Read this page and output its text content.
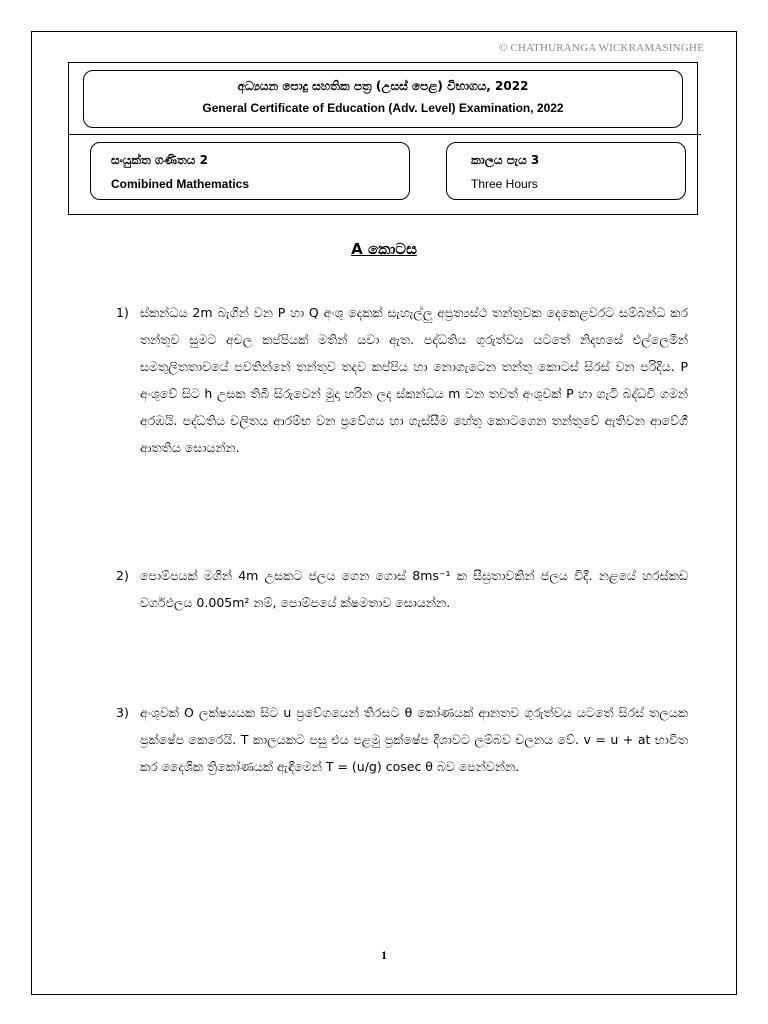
© CHATHURANGA WICKRAMASINGHE
අධ්‍යයන පොදු සහතික පත්‍ර (උසස් පෙළ) විභාගය, 2022
General Certificate of Education (Adv. Level) Examination, 2022
සංයුක්ත ගණිතය 2
Comibined Mathematics
කාලය පැය 3
Three Hours
A කොටස
1) ස්කන්ධය 2m බැගින් වන P හා Q අංශු දෙකක් සැහැල්ලු අප්‍රත්‍යස්ථ තන්තුවක දෙකෙළවරට සම්බන්ධ කර තන්තුව සුමට අචල කප්පියක් මතින් යවා ඇත. පද්ධතිය ගුරුත්වය යටතේ නිදහසේ එල්ලෙමින් සමතුලිතතාවයේ පවතින්නේ තන්තුව තදව කප්පිය හා නොගැටෙන තන්තු කොටස් සිරස් වන පරිදිය. P අංශුවේ සිට h උසක තිබී සිරුවෙන් මුදා හරින ලද ස්කන්ධය m වන තවත් අංශුවක් P හා ගැටී බද්ධවී ගමන් අරඹයි. පද්ධතිය චලිතය ආරම්භ වන ප්‍රවේගය හා ගැස්සීම හේතු කොටගෙන තන්තුවේ ඇතිවන ආවේගී ආතතිය සොයන්න.
2) පොම්පයක් මගින් 4m උසකට ජලය ගෙන ගොස් 8ms⁻¹ ක සීඝ්‍රතාවකින් ජලය විදී. නළයේ හරස්කඩ වර්ගඵලය 0.005m² නම්, පොම්පයේ ක්ෂමතාව සොයන්න.
3) අංශුවක් O ලක්ෂයයක සිට u ප්‍රවේගයෙන් තිරසට θ කෝණයක් ආනතව ගුරුත්වය යටතේ සිරස් තලයක ප්‍රක්ෂේප කෙරෙයි. T කාලයකට පසු එය පළමු ප්‍රක්ෂේප දිශාවට ලම්බව චලනය වේ. v = u + at භාවිත කර දෛශික ත්‍රිකෝණයක් ඇඳීමෙන් T = (u/g) cosec θ බව පෙන්වන්න.
1
